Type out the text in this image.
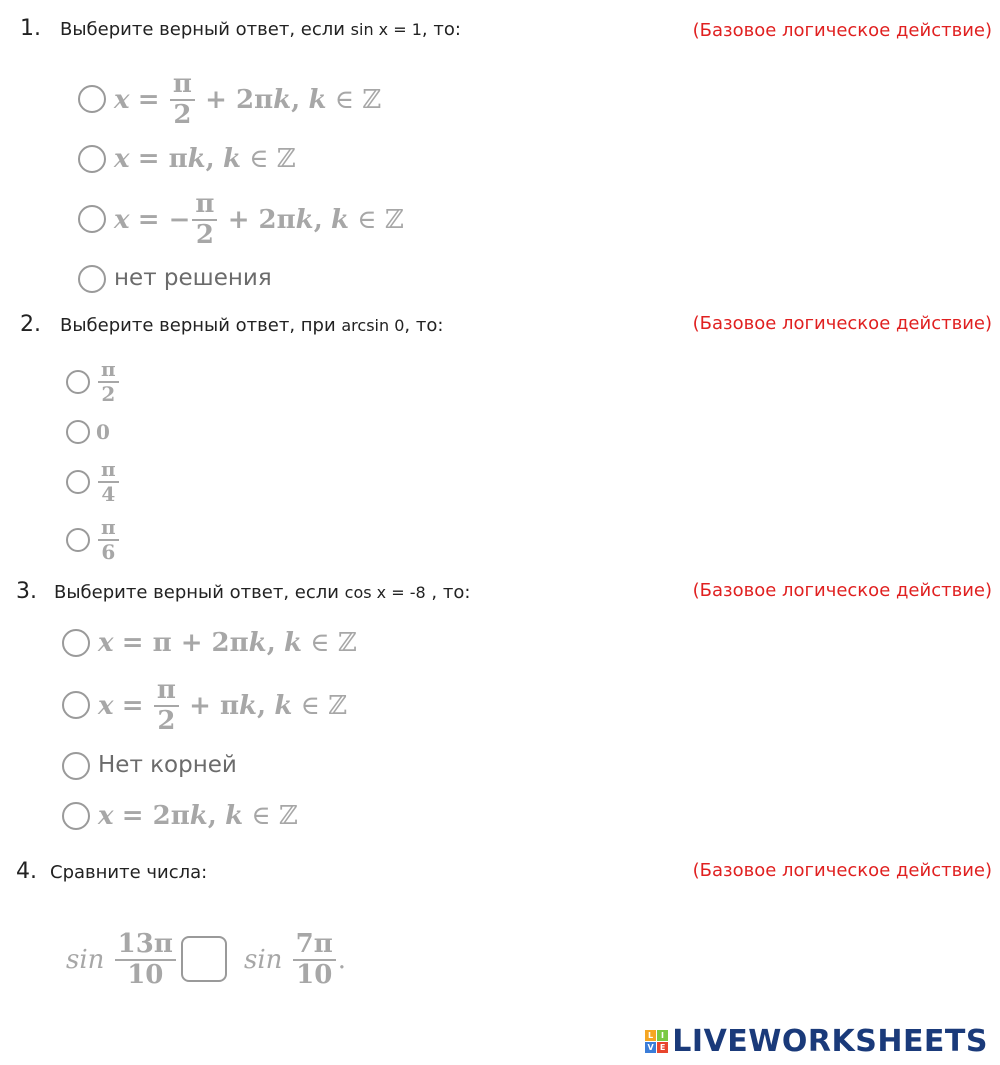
1. Выберите верный ответ, если sin x = 1, то:	(Базовое логическое действие)
x
=
$\frac{\pi}{2}$
+ 2π k ,
k
∈
ℤ
x
= π k ,
k
∈
ℤ
x
= − $\frac{\pi}{2}$
+ 2π k ,
k
∈
ℤ
нет решения
2. Выберите верный ответ, при arcsin 0, то:	(Базовое логическое действие)
$\frac{\pi}{2}$
0
$\frac{\pi}{4}$
$\frac{\pi}{6}$
3. Выберите верный ответ, если cos x = -8 , то:	(Базовое логическое действие)
x
= π + 2π k ,
k
∈
ℤ
x
=
$\frac{\pi}{2}$
+ π k ,
k
∈
ℤ
Нет корней
x
= 2π k ,
k
∈
ℤ
4. Сравните числа:	(Базовое логическое действие)
sin
$\frac{13\pi}{10}$	sin
$\frac{7\pi}{10}$ .
L I
V E LIVEWORKSHEETS
